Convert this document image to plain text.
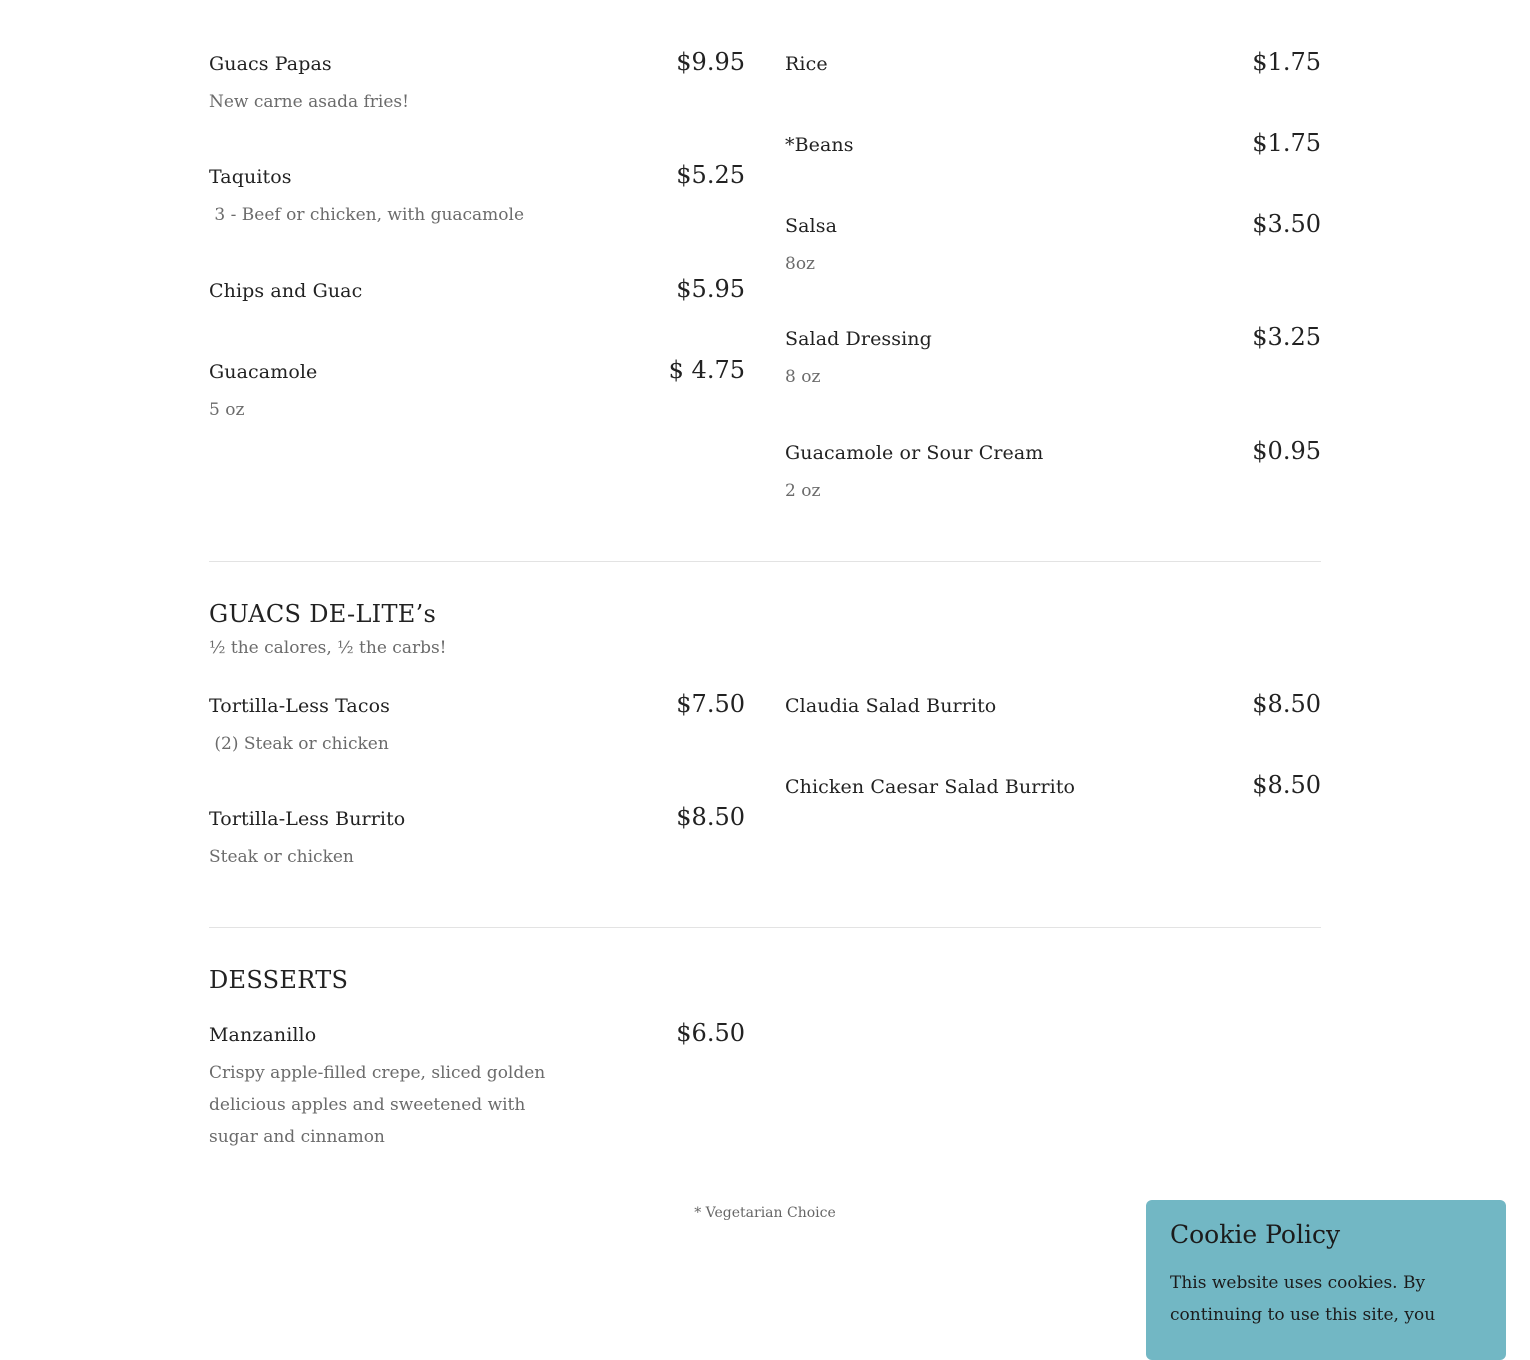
Guacs Papas	$9.95
New carne asada fries!
Taquitos	$5.25
3 - Beef or chicken, with guacamole
Chips and Guac	$5.95
Guacamole	$ 4.75
5 oz
Rice	$1.75
*Beans	$1.75
Salsa	$3.50
8oz
Salad Dressing	$3.25
8 oz
Guacamole or Sour Cream	$0.95
2 oz
GUACS DE-LITE’s
½ the calores, ½ the carbs!
Tortilla-Less Tacos	$7.50
(2) Steak or chicken
Tortilla-Less Burrito	$8.50
Steak or chicken
Claudia Salad Burrito	$8.50
Chicken Caesar Salad Burrito	$8.50
DESSERTS
Manzanillo	$6.50
Crispy apple-filled crepe, sliced golden delicious apples and sweetened with sugar and cinnamon
* Vegetarian Choice
Cookie Policy
This website uses cookies. By continuing to use this site, you
